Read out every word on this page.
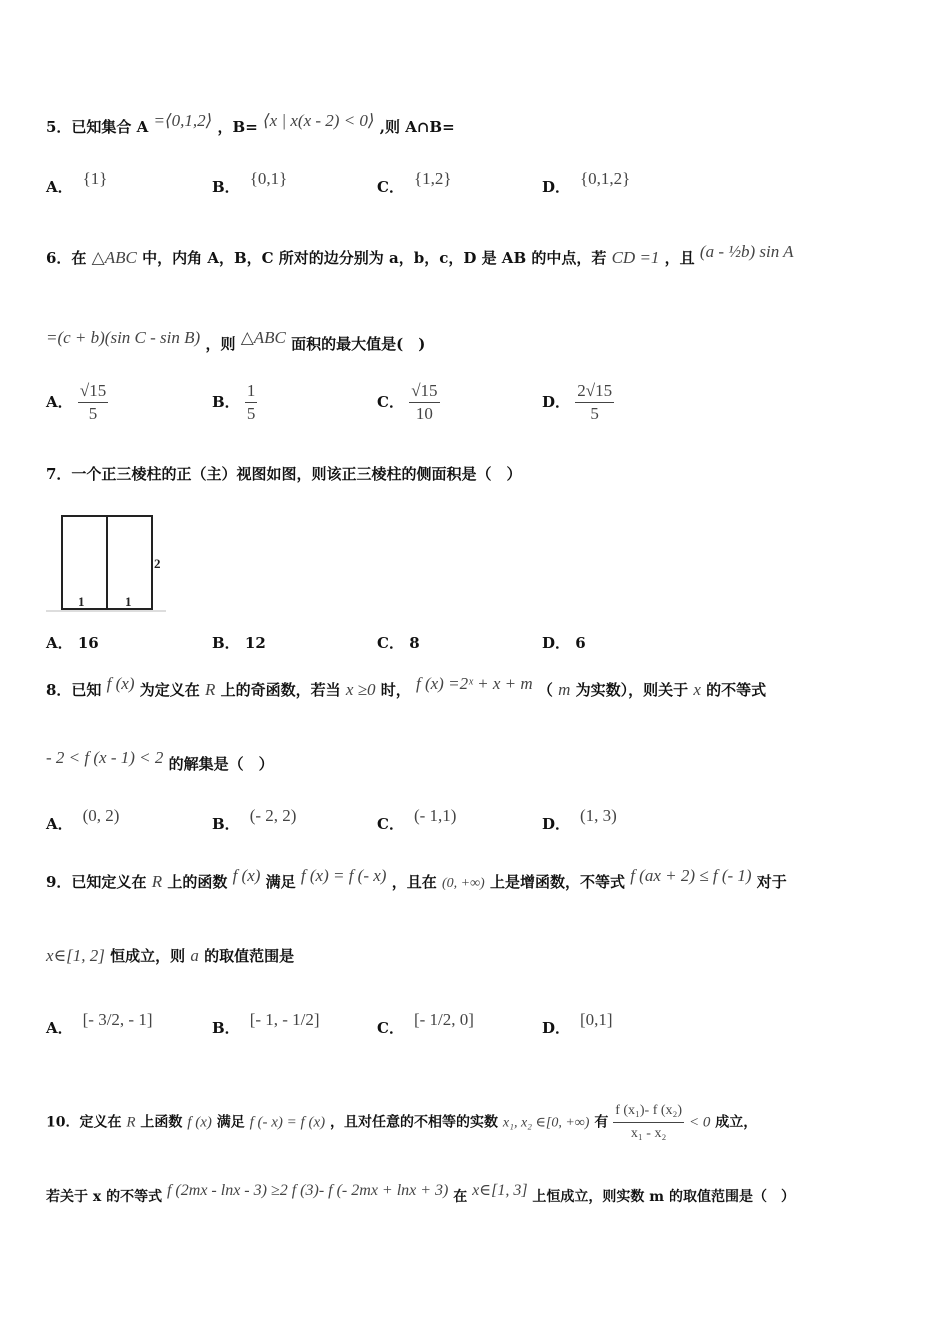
5．已知集合 A =⟨0,1,2⟩ ，B= ⟨x | x(x - 2) < 0⟩ ,则 A∩B=
A． {1}	B． {0,1}	C． {1,2}	D． {0,1,2}
6．在 △ABC 中，内角 A，B，C 所对的边分别为 a，b，c，D 是 AB 的中点，若 CD =1 ，且 (a - ½b) sin A
=(c + b)(sin C - sin B) ，则 △ABC 面积的最大值是(　)
A． $\frac{√15}{5}$	B． $\frac{1}{5}$	C． $\frac{√15}{10}$	D． $\frac{2√15}{5}$
7．一个正三棱柱的正（主）视图如图，则该正三棱柱的侧面积是（　）
2
1	1
A． 16	B． 12	C． 8	D． 6
8．已知 f (x) 为定义在 R 上的奇函数，若当 x ≥0 时， f (x) =2ˣ + x + m （ m 为实数），则关于 x 的不等式
- 2 < f (x - 1) < 2 的解集是（　）
A． (0, 2)	B． (- 2, 2)	C． (- 1,1)	D． (1, 3)
9．已知定义在 R 上的函数 f (x) 满足 f (x) = f (- x) ，且在 (0, +∞) 上是增函数，不等式 f (ax + 2) ≤ f (- 1) 对于
x∈[1, 2] 恒成立，则 a 的取值范围是
A． [- 3/2, - 1]	B． [- 1, - 1/2]	C． [- 1/2, 0]	D． [0,1]
10．定义在 R 上函数 f (x) 满足 f (- x) = f (x) ，且对任意的不相等的实数 x₁, x₂ ∈[0, +∞) 有 $\frac{\text{f (x₁)- f (x₂)}}{\text{x₁ - x₂}} < 0$ 成立，
若关于 x 的不等式 f (2mx - lnx - 3) ≥2 f (3)- f (- 2mx + lnx + 3) 在 x∈[1, 3] 上恒成立，则实数 m 的取值范围是（　）
